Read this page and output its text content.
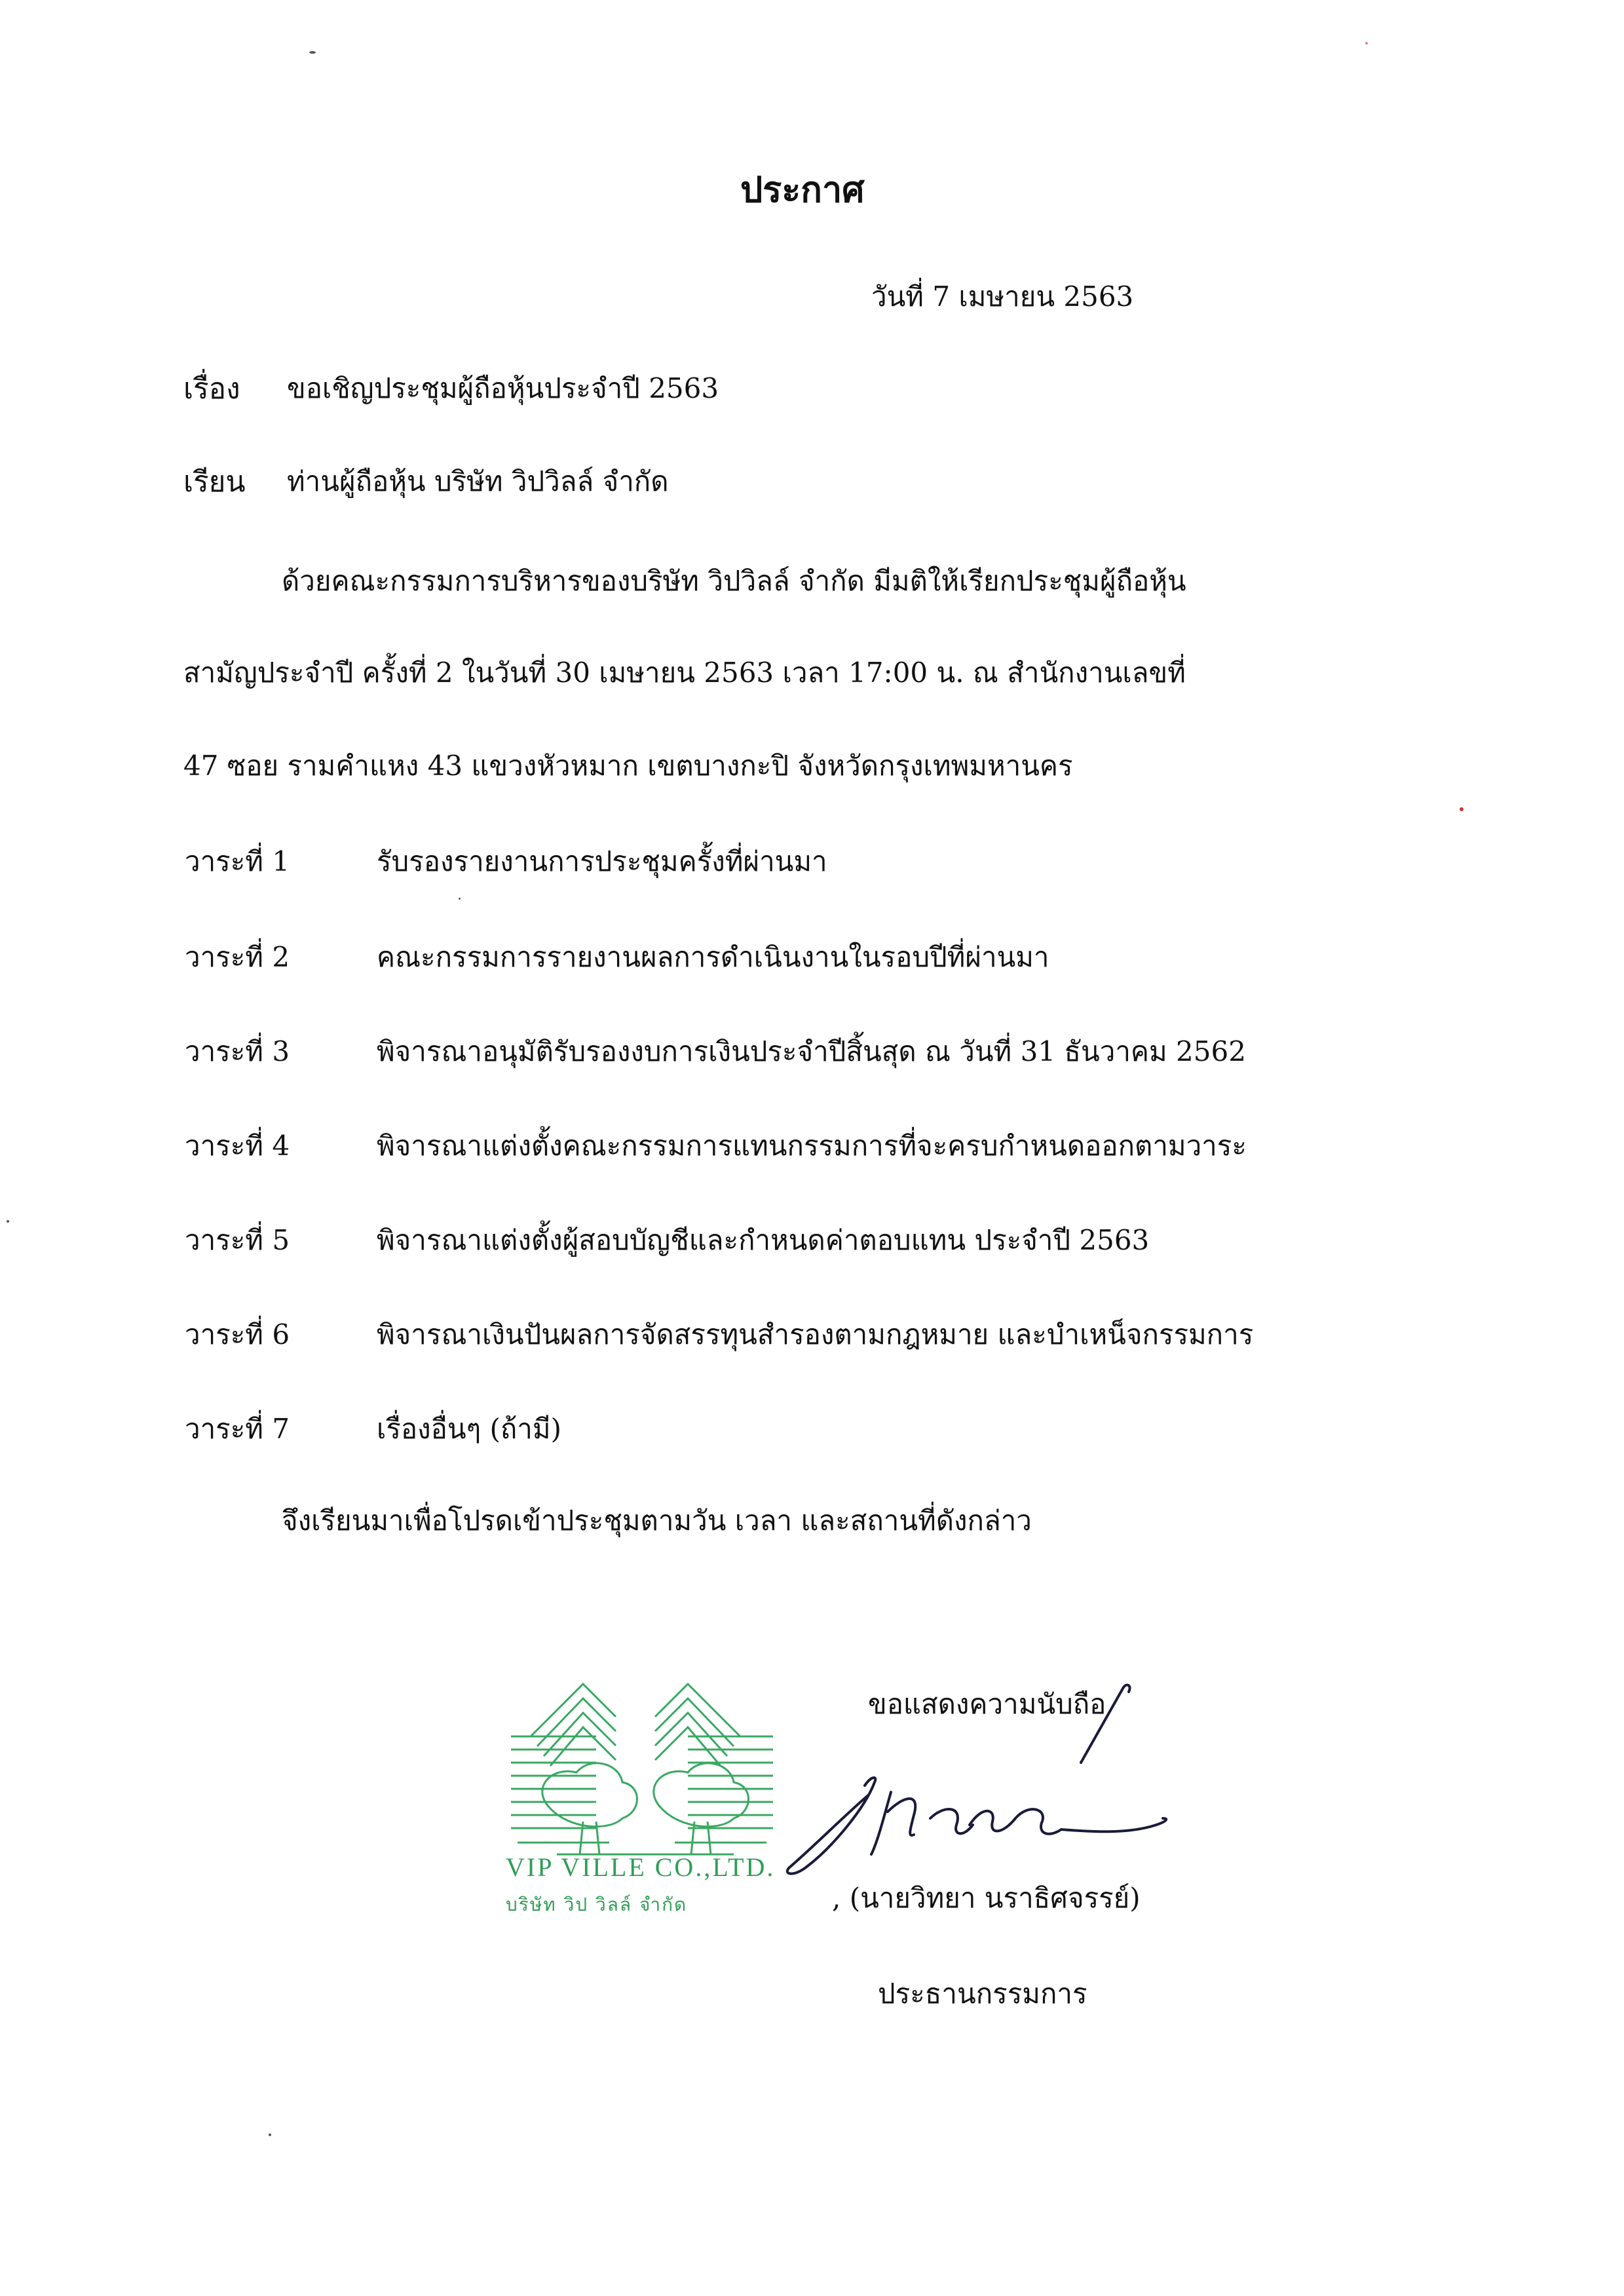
ประกาศ
วันที่ 7 เมษายน 2563
เรื่อง ขอเชิญประชุมผู้ถือหุ้นประจำปี 2563
เรียน ท่านผู้ถือหุ้น บริษัท วิปวิลล์ จำกัด
ด้วยคณะกรรมการบริหารของบริษัท วิปวิลล์ จำกัด มีมติให้เรียกประชุมผู้ถือหุ้น
สามัญประจำปี ครั้งที่ 2 ในวันที่ 30 เมษายน 2563 เวลา 17:00 น. ณ สำนักงานเลขที่
47 ซอย รามคำแหง 43 แขวงหัวหมาก เขตบางกะปิ จังหวัดกรุงเทพมหานคร
วาระที่ 1	รับรองรายงานการประชุมครั้งที่ผ่านมา
วาระที่ 2	คณะกรรมการรายงานผลการดำเนินงานในรอบปีที่ผ่านมา
วาระที่ 3	พิจารณาอนุมัติรับรองงบการเงินประจำปีสิ้นสุด ณ วันที่ 31 ธันวาคม 2562
วาระที่ 4	พิจารณาแต่งตั้งคณะกรรมการแทนกรรมการที่จะครบกำหนดออกตามวาระ
วาระที่ 5	พิจารณาแต่งตั้งผู้สอบบัญชีและกำหนดค่าตอบแทน ประจำปี 2563
วาระที่ 6	พิจารณาเงินปันผลการจัดสรรทุนสำรองตามกฎหมาย และบำเหน็จกรรมการ
วาระที่ 7	เรื่องอื่นๆ (ถ้ามี)
จึงเรียนมาเพื่อโปรดเข้าประชุมตามวัน เวลา และสถานที่ดังกล่าว
VIP VILLE CO.,LTD.
บริษัท วิป วิลล์ จำกัด
ขอแสดงความนับถือ
, (นายวิทยา นราธิศจรรย์)
ประธานกรรมการ
